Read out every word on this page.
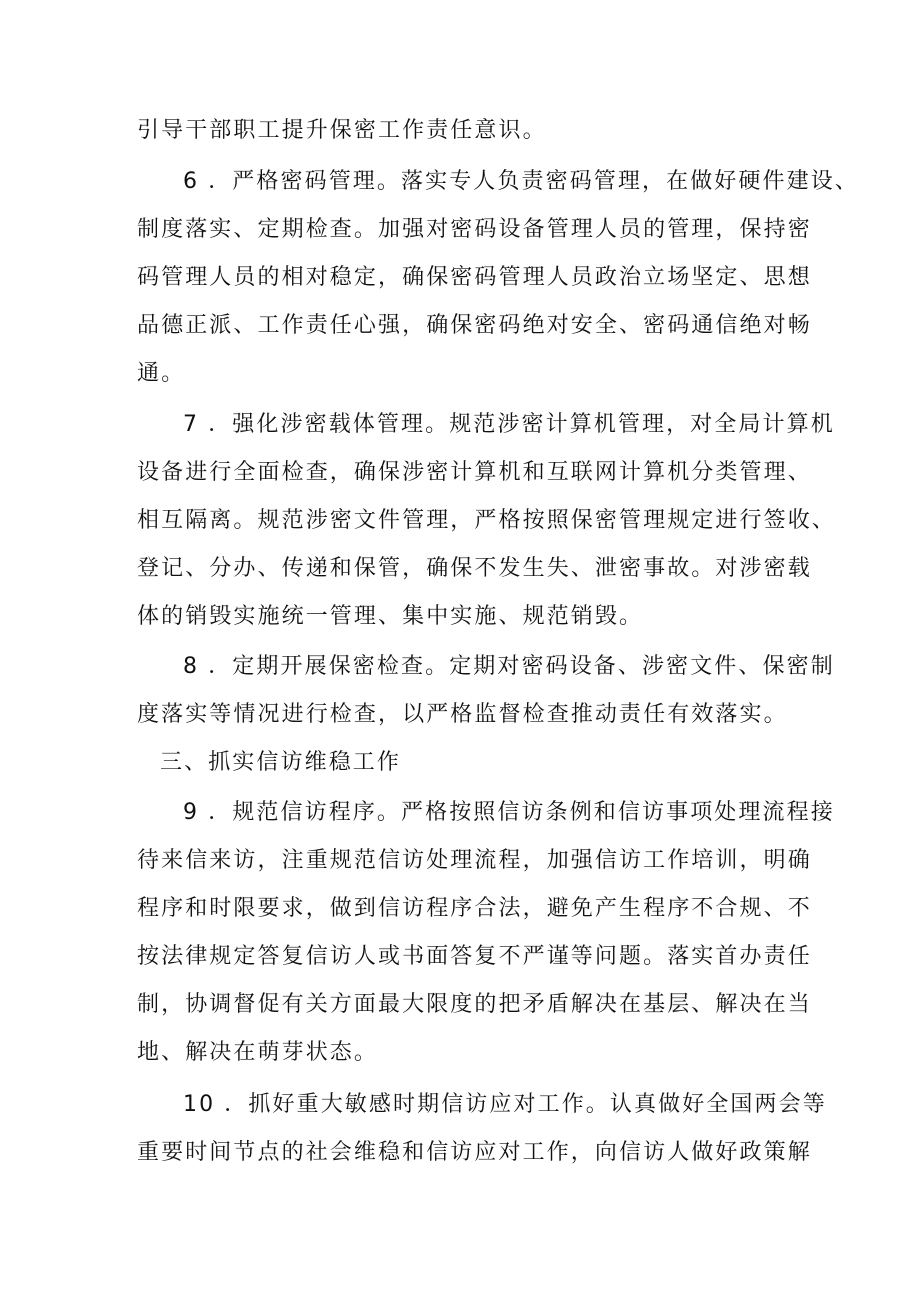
引导干部职工提升保密工作责任意识。
6 ．严格密码管理。落实专人负责密码管理，在做好硬件建设、
制度落实、定期检查。加强对密码设备管理人员的管理，保持密
码管理人员的相对稳定，确保密码管理人员政治立场坚定、思想
品德正派、工作责任心强，确保密码绝对安全、密码通信绝对畅
通。
7 ．强化涉密载体管理。规范涉密计算机管理，对全局计算机
设备进行全面检查，确保涉密计算机和互联网计算机分类管理、
相互隔离。规范涉密文件管理，严格按照保密管理规定进行签收、
登记、分办、传递和保管，确保不发生失、泄密事故。对涉密载
体的销毁实施统一管理、集中实施、规范销毁。
8 ．定期开展保密检查。定期对密码设备、涉密文件、保密制
度落实等情况进行检查，以严格监督检查推动责任有效落实。
三、抓实信访维稳工作
9 ．规范信访程序。严格按照信访条例和信访事项处理流程接
待来信来访，注重规范信访处理流程，加强信访工作培训，明确
程序和时限要求，做到信访程序合法，避免产生程序不合规、不
按法律规定答复信访人或书面答复不严谨等问题。落实首办责任
制，协调督促有关方面最大限度的把矛盾解决在基层、解决在当
地、解决在萌芽状态。
10 ．抓好重大敏感时期信访应对工作。认真做好全国两会等
重要时间节点的社会维稳和信访应对工作，向信访人做好政策解
